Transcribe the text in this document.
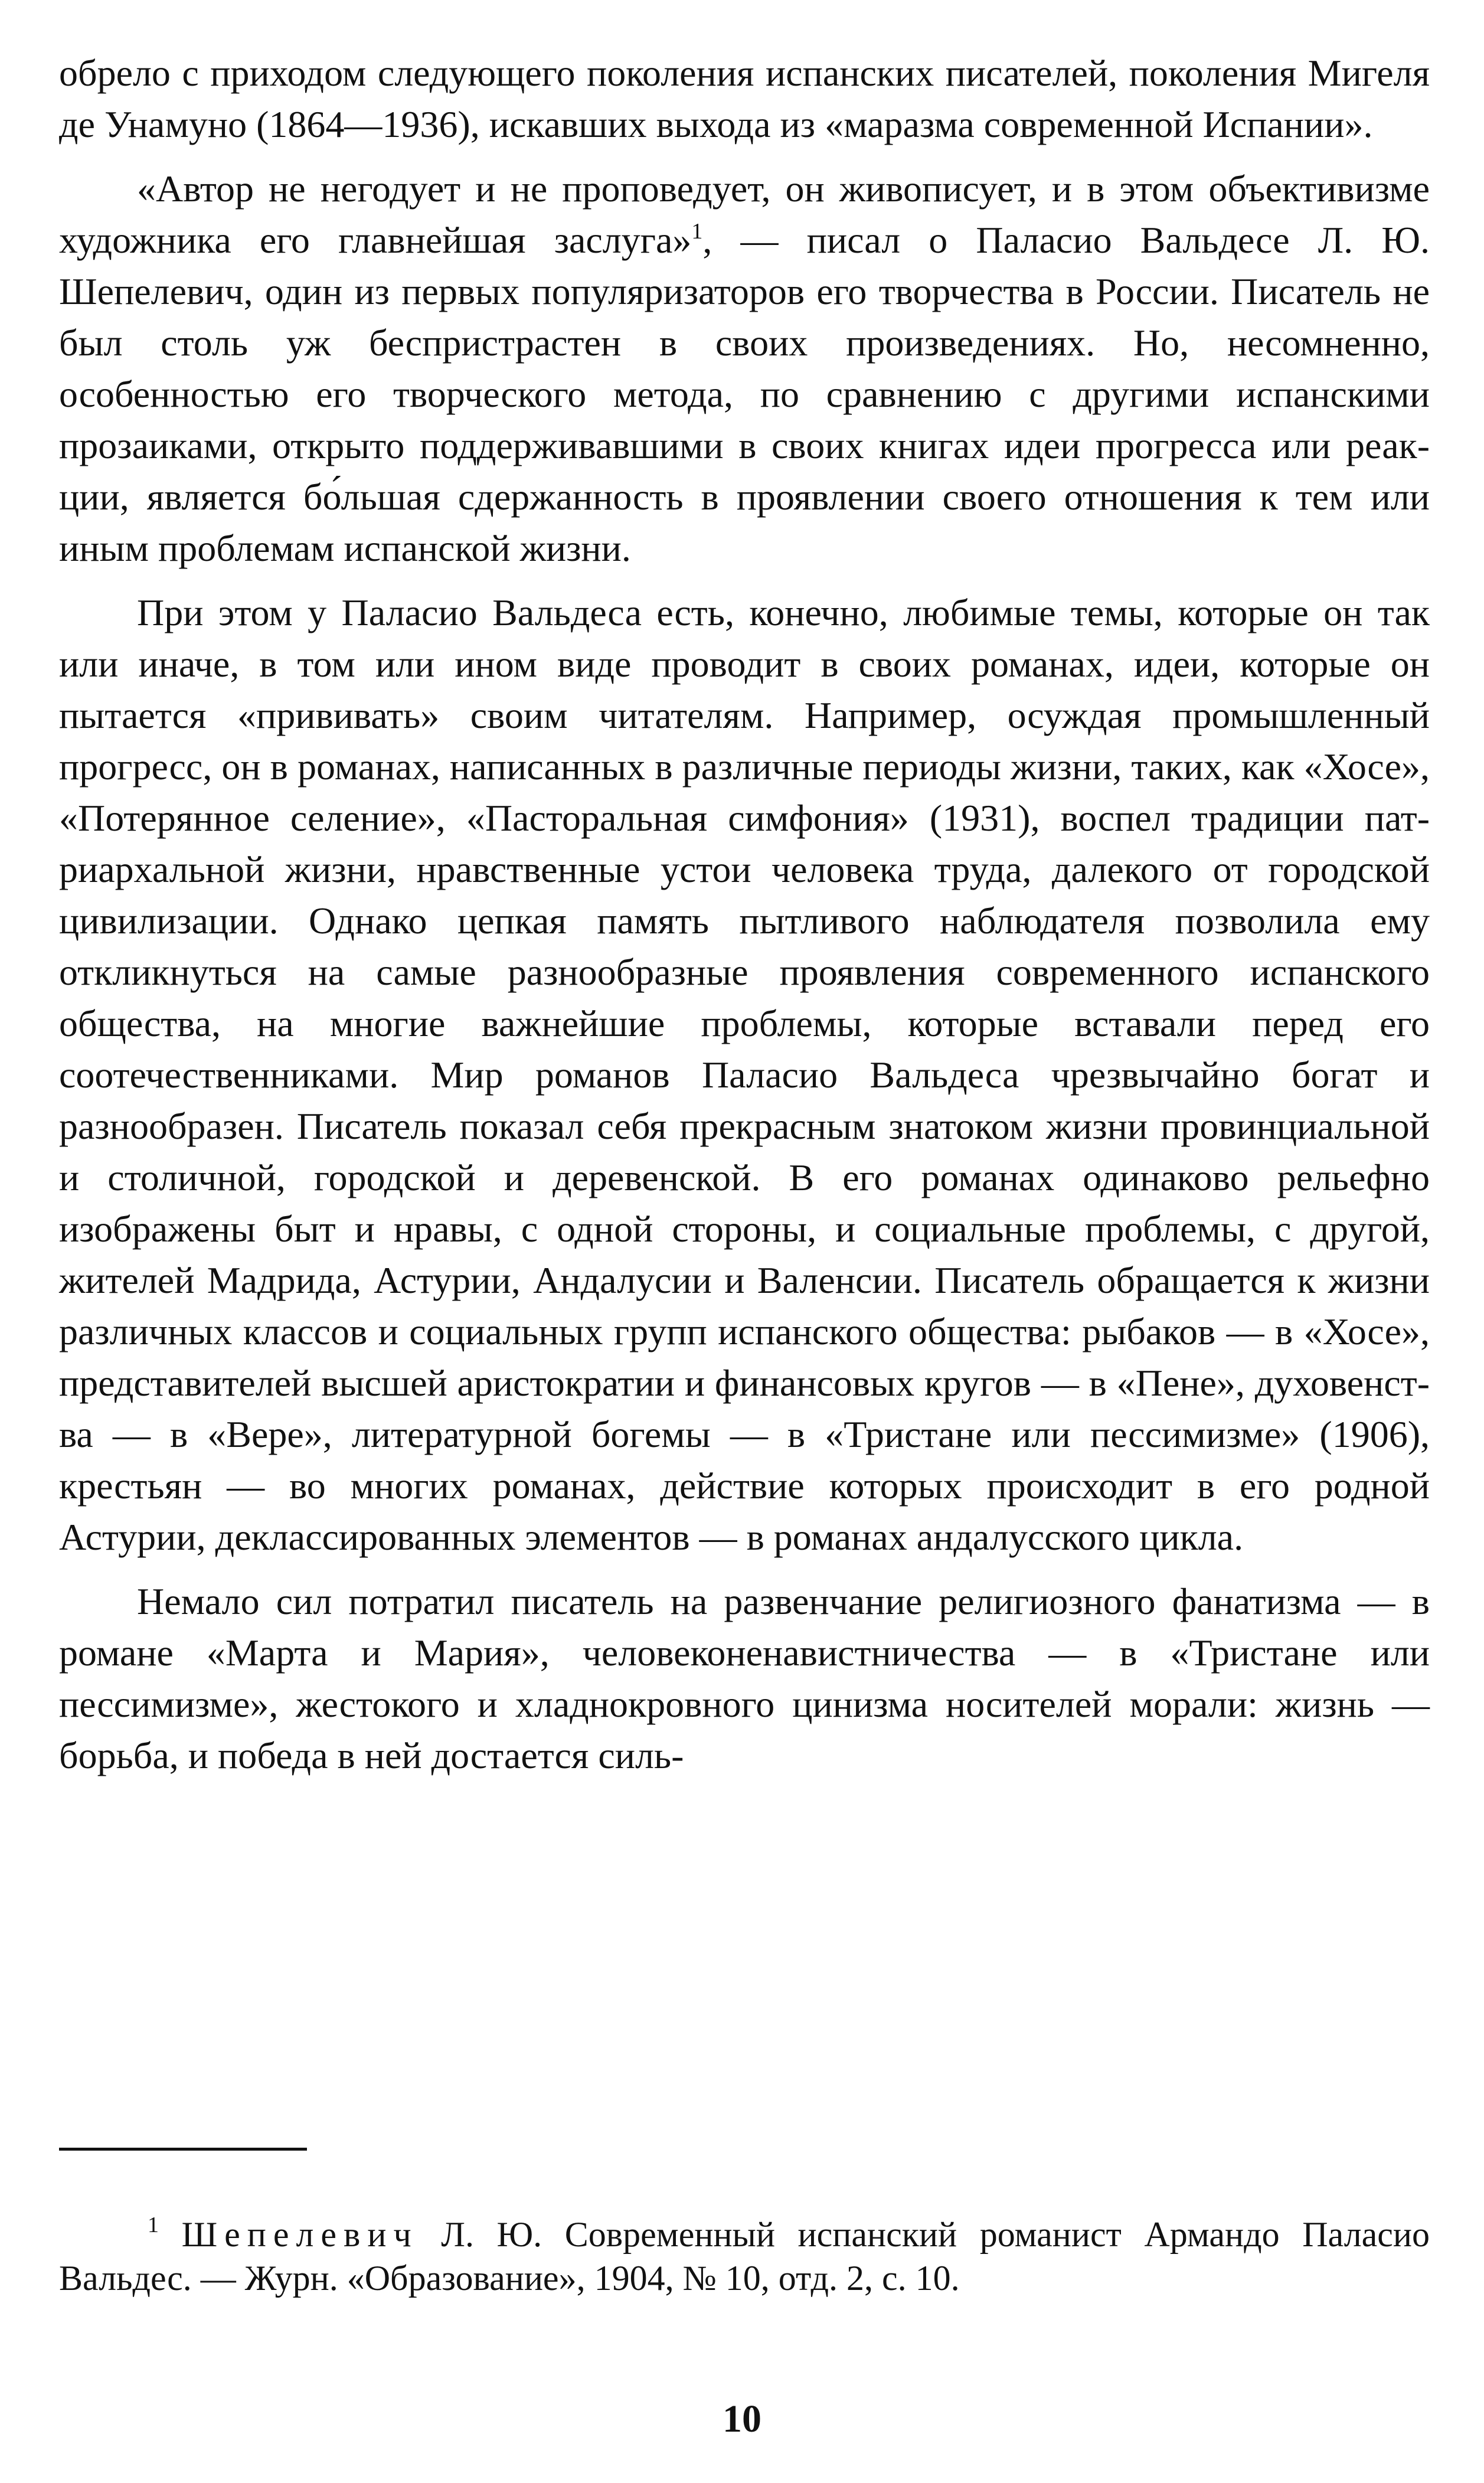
обрело с приходом следующего поколения испанских писателей, поколения Мигеля де Унамуно (1864—1936), искавших выхода из «маразма современной Испании».

«Автор не негодует и не проповедует, он живописует, и в этом объективизме художника его главнейшая заслуга»$^1$, — писал о Паласио Вальдесе Л. Ю. Шепелевич, один из первых популяризаторов его творчества в России. Писатель не был столь уж беспристрастен в своих произведениях. Но, несомненно, особенностью его творческого метода, по сравнению с другими испанскими прозаиками, открыто поддерживавшими в своих книгах идеи прогресса или реакции, является бо́льшая сдержанность в проявлении своего отношения к тем или иным проблемам испанской жизни.

При этом у Паласио Вальдеса есть, конечно, любимые темы, которые он так или иначе, в том или ином виде проводит в своих романах, идеи, которые он пытается «прививать» своим читателям. Например, осуждая промышленный прогресс, он в романах, написанных в различные периоды жизни, таких, как «Хосе», «Потерянное селение», «Пасторальная симфония» (1931), воспел традиции патриархальной жизни, нравственные устои человека труда, далекого от городской цивилизации. Однако цепкая память пытливого наблюдателя позволила ему откликнуться на самые разнообразные проявления современного испанского общества, на многие важнейшие проблемы, которые вставали перед его соотечественниками. Мир романов Паласио Вальдеса чрезвычайно богат и разнообразен. Писатель показал себя прекрасным знатоком жизни провинциальной и столичной, городской и деревенской. В его романах одинаково рельефно изображены быт и нравы, с одной стороны, и социальные проблемы, с другой, жителей Мадрида, Астурии, Андалусии и Валенсии. Писатель обращается к жизни различных классов и социальных групп испанского общества: рыбаков — в «Хосе», представителей высшей аристократии и финансовых кругов — в «Пене», духовенства — в «Вере», литературной богемы — в «Тристане или пессимизме» (1906), крестьян — во многих романах, действие которых происходит в его родной Астурии, деклассированных элементов — в романах андалусского цикла.

Немало сил потратил писатель на развенчание религиозного фанатизма — в романе «Марта и Мария», человеконенавистничества — в «Тристане или пессимизме», жестокого и хладнокровного цинизма носителей морали: жизнь — борьба, и победа в ней достается силь-

$^1$ Шепелевич Л. Ю. Современный испанский романист Армандо Паласио Вальдес. — Журн. «Образование», 1904, № 10, отд. 2, с. 10.

10
